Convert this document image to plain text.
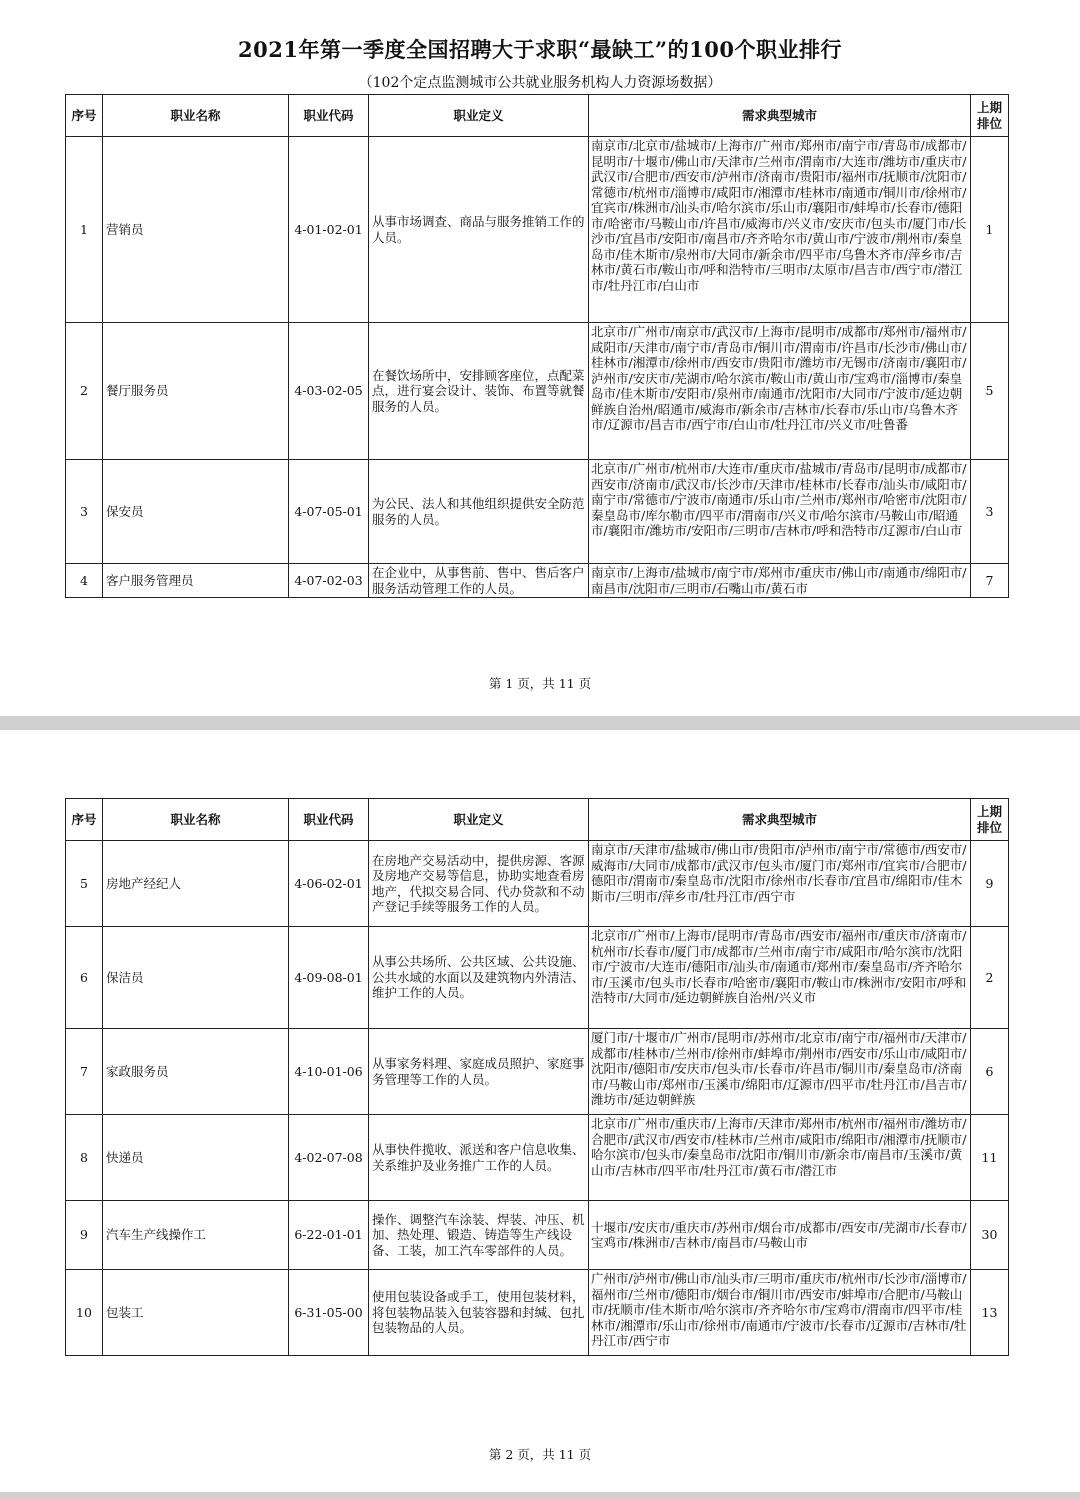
2021年第一季度全国招聘大于求职“最缺工”的100个职业排行
（102个定点监测城市公共就业服务机构人力资源场数据）
序号	职业名称	职业代码	职业定义	需求典型城市	上期排位
1	营销员	4-01-02-01	从事市场调查、商品与服务推销工作的人员。	南京市/北京市/盐城市/上海市/广州市/郑州市/南宁市/青岛市/成都市/昆明市/十堰市/佛山市/天津市/兰州市/渭南市/大连市/潍坊市/重庆市/武汉市/合肥市/西安市/泸州市/济南市/贵阳市/福州市/抚顺市/沈阳市/常德市/杭州市/淄博市/咸阳市/湘潭市/桂林市/南通市/铜川市/徐州市/宜宾市/株洲市/汕头市/哈尔滨市/乐山市/襄阳市/蚌埠市/长春市/德阳市/哈密市/马鞍山市/许昌市/威海市/兴义市/安庆市/包头市/厦门市/长沙市/宜昌市/安阳市/南昌市/齐齐哈尔市/黄山市/宁波市/荆州市/秦皇岛市/佳木斯市/泉州市/大同市/新余市/四平市/乌鲁木齐市/萍乡市/吉林市/黄石市/鞍山市/呼和浩特市/三明市/太原市/昌吉市/西宁市/潜江市/牡丹江市/白山市	1
2	餐厅服务员	4-03-02-05	在餐饮场所中，安排顾客座位，点配菜点，进行宴会设计、装饰、布置等就餐服务的人员。	北京市/广州市/南京市/武汉市/上海市/昆明市/成都市/郑州市/福州市/咸阳市/天津市/南宁市/青岛市/铜川市/渭南市/许昌市/长沙市/佛山市/桂林市/湘潭市/徐州市/西安市/贵阳市/潍坊市/无锡市/济南市/襄阳市/泸州市/安庆市/芜湖市/哈尔滨市/鞍山市/黄山市/宝鸡市/淄博市/秦皇岛市/佳木斯市/安阳市/泉州市/南通市/沈阳市/大同市/宁波市/延边朝鲜族自治州/昭通市/威海市/新余市/吉林市/长春市/乐山市/乌鲁木齐市/辽源市/昌吉市/西宁市/白山市/牡丹江市/兴义市/吐鲁番	5
3	保安员	4-07-05-01	为公民、法人和其他组织提供安全防范服务的人员。	北京市/广州市/杭州市/大连市/重庆市/盐城市/青岛市/昆明市/成都市/西安市/济南市/武汉市/长沙市/天津市/桂林市/长春市/汕头市/咸阳市/南宁市/常德市/宁波市/南通市/乐山市/兰州市/郑州市/哈密市/沈阳市/秦皇岛市/库尔勒市/四平市/渭南市/兴义市/哈尔滨市/马鞍山市/昭通市/襄阳市/潍坊市/安阳市/三明市/吉林市/呼和浩特市/辽源市/白山市	3
4	客户服务管理员	4-07-02-03	在企业中，从事售前、售中、售后客户服务活动管理工作的人员。	南京市/上海市/盐城市/南宁市/郑州市/重庆市/佛山市/南通市/绵阳市/南昌市/沈阳市/三明市/石嘴山市/黄石市	7
第 1 页，共 11 页
序号	职业名称	职业代码	职业定义	需求典型城市	上期排位
5	房地产经纪人	4-06-02-01	在房地产交易活动中，提供房源、客源及房地产交易等信息，协助实地查看房地产，代拟交易合同、代办贷款和不动产登记手续等服务工作的人员。	南京市/天津市/盐城市/佛山市/贵阳市/泸州市/南宁市/常德市/西安市/威海市/大同市/成都市/武汉市/包头市/厦门市/郑州市/宜宾市/合肥市/德阳市/渭南市/秦皇岛市/沈阳市/徐州市/长春市/宜昌市/绵阳市/佳木斯市/三明市/萍乡市/牡丹江市/西宁市	9
6	保洁员	4-09-08-01	从事公共场所、公共区域、公共设施、公共水域的水面以及建筑物内外清洁、维护工作的人员。	北京市/广州市/上海市/昆明市/青岛市/西安市/福州市/重庆市/济南市/杭州市/长春市/厦门市/成都市/兰州市/南宁市/咸阳市/哈尔滨市/沈阳市/宁波市/大连市/德阳市/汕头市/南通市/郑州市/秦皇岛市/齐齐哈尔市/玉溪市/包头市/长春市/哈密市/襄阳市/鞍山市/株洲市/安阳市/呼和浩特市/大同市/延边朝鲜族自治州/兴义市	2
7	家政服务员	4-10-01-06	从事家务料理、家庭成员照护、家庭事务管理等工作的人员。	厦门市/十堰市/广州市/昆明市/苏州市/北京市/南宁市/福州市/天津市/成都市/桂林市/兰州市/徐州市/蚌埠市/荆州市/西安市/乐山市/咸阳市/沈阳市/德阳市/安庆市/包头市/长春市/许昌市/铜川市/秦皇岛市/济南市/马鞍山市/郑州市/玉溪市/绵阳市/辽源市/四平市/牡丹江市/昌吉市/潍坊市/延边朝鲜族	6
8	快递员	4-02-07-08	从事快件揽收、派送和客户信息收集、关系维护及业务推广工作的人员。	北京市/广州市/重庆市/上海市/天津市/郑州市/杭州市/福州市/潍坊市/合肥市/武汉市/西安市/桂林市/兰州市/咸阳市/绵阳市/湘潭市/抚顺市/哈尔滨市/包头市/秦皇岛市/沈阳市/铜川市/新余市/南昌市/玉溪市/黄山市/吉林市/四平市/牡丹江市/黄石市/潜江市	11
9	汽车生产线操作工	6-22-01-01	操作、调整汽车涂装、焊装、冲压、机加、热处理、锻造、铸造等生产线设备、工装，加工汽车零部件的人员。	十堰市/安庆市/重庆市/苏州市/烟台市/成都市/西安市/芜湖市/长春市/宝鸡市/株洲市/吉林市/南昌市/马鞍山市	30
10	包装工	6-31-05-00	使用包装设备或手工，使用包装材料，将包装物品装入包装容器和封缄、包扎包装物品的人员。	广州市/泸州市/佛山市/汕头市/三明市/重庆市/杭州市/长沙市/淄博市/福州市/兰州市/德阳市/烟台市/铜川市/西安市/蚌埠市/合肥市/马鞍山市/抚顺市/佳木斯市/哈尔滨市/齐齐哈尔市/宝鸡市/渭南市/四平市/桂林市/湘潭市/乐山市/徐州市/南通市/宁波市/长春市/辽源市/吉林市/牡丹江市/西宁市	13
第 2 页，共 11 页
